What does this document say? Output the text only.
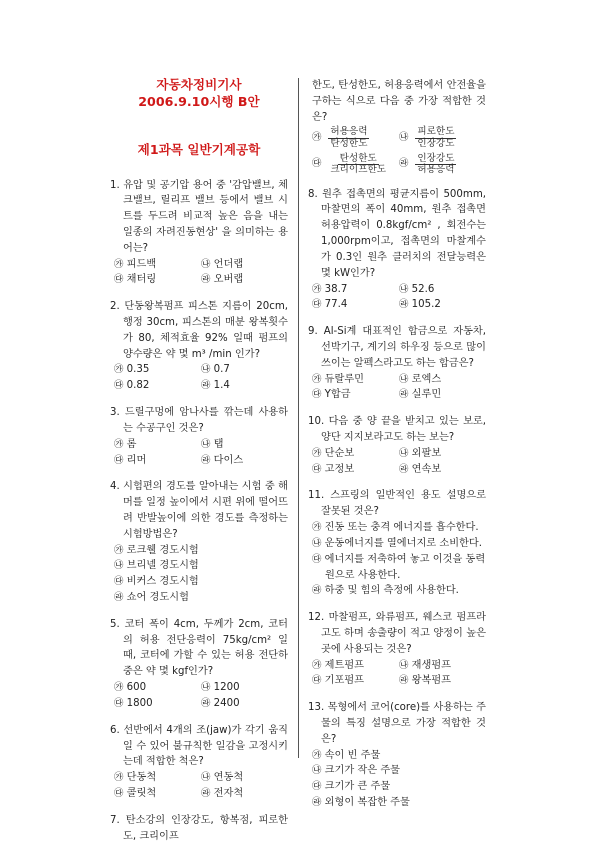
자동차정비기사
2006.9.10시행 B안
제1과목 일반기계공학
1. 유압 및 공기압 용어 중 '감압밸브, 체크밸브, 릴리프 밸브 등에서 밸브 시트를 두드려 비교적 높은 음을 내는 일종의 자려진동현상' 을 의미하는 용어는?
㉮ 피드백	㉯ 언더랩
㉰ 채터링	㉱ 오버랩
2. 단동왕복펌프 피스톤 지름이 20cm, 행정 30cm, 피스톤의 매분 왕복횟수가 80, 체적효율 92% 일때 펌프의 양수량은 약 몇 m³ /min 인가?
㉮ 0.35	㉯ 0.7
㉰ 0.82	㉱ 1.4
3. 드릴구멍에 암나사를 깎는데 사용하는 수공구인 것은?
㉮ 롬	㉯ 탭
㉰ 리머	㉱ 다이스
4. 시험편의 경도를 알아내는 시험 중 해머를 일정 높이에서 시편 위에 떨어뜨려 반발높이에 의한 경도를 측정하는 시험방법은?
㉮ 로크웰 경도시험
㉯ 브리넬 경도시험
㉰ 비커스 경도시험
㉱ 쇼어 경도시험
5. 코터 폭이 4cm, 두께가 2cm, 코터의 허용 전단응력이 75kg/cm² 일 때, 코터에 가할 수 있는 허용 전단하중은 약 몇 kgf인가?
㉮ 600	㉯ 1200
㉰ 1800	㉱ 2400
6. 선반에서 4개의 조(jaw)가 각기 움직일 수 있어 불규칙한 일감을 고정시키는데 적합한 척은?
㉮ 단동척	㉯ 연동척
㉰ 콜릿척	㉱ 전자척
7. 탄소강의 인장강도, 항복점, 피로한도, 크리이프
한도, 탄성한도, 허용응력에서 안전율을 구하는 식으로 다음 중 가장 적합한 것은?
㉮ $\frac{\text{허용응력}}{\text{탄성한도}}$	㉯ $\frac{\text{피로한도}}{\text{인장강도}}$
㉰ $\frac{\text{탄성한도}}{\text{크리이프한도}}$ ㉱ $\frac{\text{인장강도}}{\text{허용응력}}$
8. 원추 접촉면의 평균지름이 500mm, 마찰면의 폭이 40mm, 원추 접촉면 허용압력이 0.8kgf/cm² , 회전수는 1,000rpm이고, 접촉면의 마찰계수가 0.3인 원추 클러치의 전달능력은 몇 kW인가?
㉮ 38.7	㉯ 52.6
㉰ 77.4	㉱ 105.2
9. Al-Si계 대표적인 합금으로 자동차, 선박기구, 계기의 하우징 등으로 많이 쓰이는 알펙스라고도 하는 합금은?
㉮ 듀랄루민	㉯ 로엑스
㉰ Y합금	㉱ 실루민
10. 다음 중 양 끝을 받치고 있는 보로, 양단 지지보라고도 하는 보는?
㉮ 단순보	㉯ 외팔보
㉰ 고정보	㉱ 연속보
11. 스프링의 일반적인 용도 설명으로 잘못된 것은?
㉮ 진동 또는 충격 에너지를 흡수한다.
㉯ 운동에너지를 열에너지로 소비한다.
㉰ 에너지를 저축하여 놓고 이것을 동력원으로 사용한다.
㉱ 하중 및 힘의 측정에 사용한다.
12. 마찰펌프, 와류펌프, 웨스코 펌프라고도 하며 송출량이 적고 양정이 높은 곳에 사용되는 것은?
㉮ 제트펌프	㉯ 재생펌프
㉰ 기포펌프	㉱ 왕복펌프
13. 목형에서 코어(core)를 사용하는 주물의 특징 설명으로 가장 적합한 것은?
㉮ 속이 빈 주물
㉯ 크기가 작은 주물
㉰ 크기가 큰 주물
㉱ 외형이 복잡한 주물
